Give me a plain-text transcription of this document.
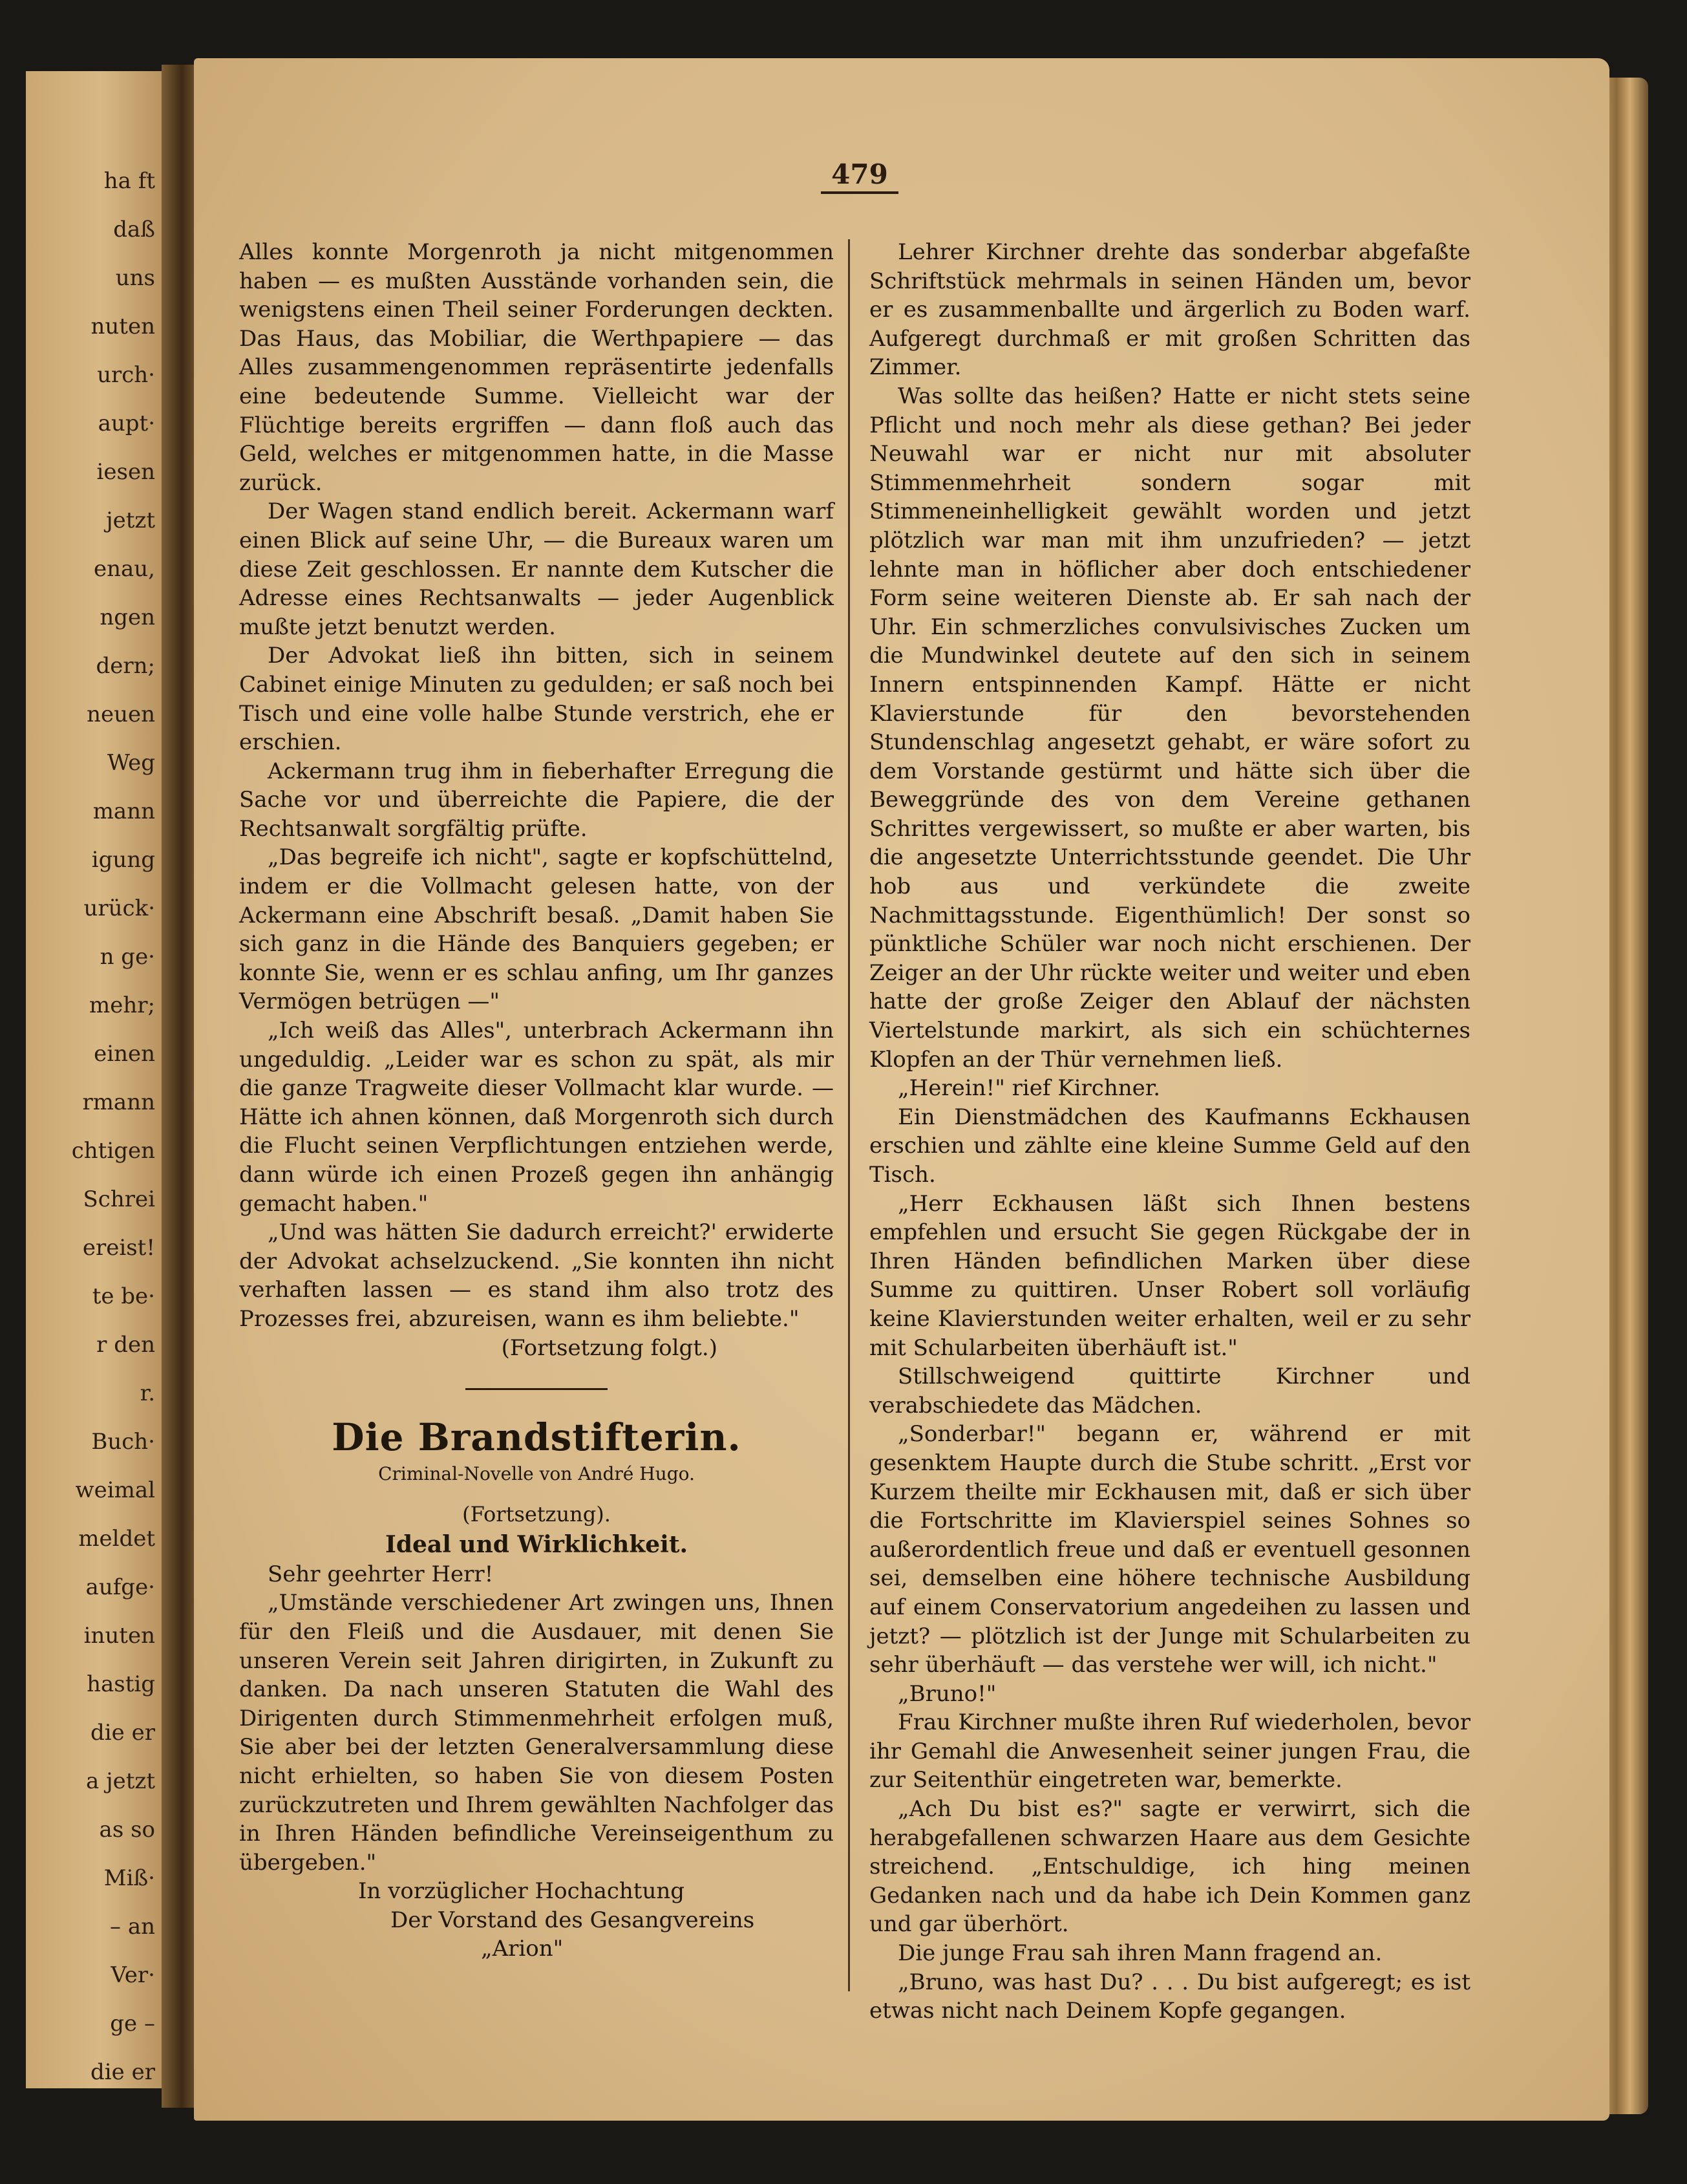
ha ft
daß
uns
nuten
urch·
aupt·
iesen
jetzt
enau,
ngen
dern;
neuen
Weg
mann
igung
urück·
n ge·
mehr;
einen
rmann
chtigen
Schrei
ereist!
te be·
r den
r.
Buch·
weimal
meldet
aufge·
inuten
hastig
die er
a jetzt
as so
Miß·
– an
Ver·
ge –
die er
479

Alles konnte Morgenroth ja nicht mitgenommen haben — es mußten Ausstände vorhanden sein, die wenigstens einen Theil seiner Forderungen deckten. Das Haus, das Mobiliar, die Werthpapiere — das Alles zusammengenommen repräsentirte jedenfalls eine bedeutende Summe. Vielleicht war der Flüchtige bereits ergriffen — dann floß auch das Geld, welches er mitgenommen hatte, in die Masse zurück.

Der Wagen stand endlich bereit. Ackermann warf einen Blick auf seine Uhr, — die Bureaux waren um diese Zeit geschlossen. Er nannte dem Kutscher die Adresse eines Rechtsanwalts — jeder Augenblick mußte jetzt benutzt werden.

Der Advokat ließ ihn bitten, sich in seinem Cabinet einige Minuten zu gedulden; er saß noch bei Tisch und eine volle halbe Stunde verstrich, ehe er erschien.

Ackermann trug ihm in fieberhafter Erregung die Sache vor und überreichte die Papiere, die der Rechtsanwalt sorgfältig prüfte.

„Das begreife ich nicht", sagte er kopfschüttelnd, indem er die Vollmacht gelesen hatte, von der Ackermann eine Abschrift besaß. „Damit haben Sie sich ganz in die Hände des Banquiers gegeben; er konnte Sie, wenn er es schlau anfing, um Ihr ganzes Vermögen betrügen —"

„Ich weiß das Alles", unterbrach Ackermann ihn ungeduldig. „Leider war es schon zu spät, als mir die ganze Tragweite dieser Vollmacht klar wurde. — Hätte ich ahnen können, daß Morgenroth sich durch die Flucht seinen Verpflichtungen entziehen werde, dann würde ich einen Prozeß gegen ihn anhängig gemacht haben."

„Und was hätten Sie dadurch erreicht?' erwiderte der Advokat achselzuckend. „Sie konnten ihn nicht verhaften lassen — es stand ihm also trotz des Prozesses frei, abzureisen, wann es ihm beliebte."

(Fortsetzung folgt.)

Die Brandstifterin.
Criminal-Novelle von André Hugo.
(Fortsetzung).
Ideal und Wirklichkeit.

Sehr geehrter Herr!

„Umstände verschiedener Art zwingen uns, Ihnen für den Fleiß und die Ausdauer, mit denen Sie unseren Verein seit Jahren dirigirten, in Zukunft zu danken. Da nach unseren Statuten die Wahl des Dirigenten durch Stimmenmehrheit erfolgen muß, Sie aber bei der letzten Generalversammlung diese nicht erhielten, so haben Sie von diesem Posten zurückzutreten und Ihrem gewählten Nachfolger das in Ihren Händen befindliche Vereinseigenthum zu übergeben."

In vorzüglicher Hochachtung

Der Vorstand des Gesangvereins

„Arion"

Lehrer Kirchner drehte das sonderbar abgefaßte Schriftstück mehrmals in seinen Händen um, bevor er es zusammenballte und ärgerlich zu Boden warf. Aufgeregt durchmaß er mit großen Schritten das Zimmer.

Was sollte das heißen? Hatte er nicht stets seine Pflicht und noch mehr als diese gethan? Bei jeder Neuwahl war er nicht nur mit absoluter Stimmenmehrheit sondern sogar mit Stimmeneinhelligkeit gewählt worden und jetzt plötzlich war man mit ihm unzufrieden? — jetzt lehnte man in höflicher aber doch entschiedener Form seine weiteren Dienste ab. Er sah nach der Uhr. Ein schmerzliches convulsivisches Zucken um die Mundwinkel deutete auf den sich in seinem Innern entspinnenden Kampf. Hätte er nicht Klavierstunde für den bevorstehenden Stundenschlag angesetzt gehabt, er wäre sofort zu dem Vorstande gestürmt und hätte sich über die Beweggründe des von dem Vereine gethanen Schrittes vergewissert, so mußte er aber warten, bis die angesetzte Unterrichtsstunde geendet. Die Uhr hob aus und verkündete die zweite Nachmittagsstunde. Eigenthümlich! Der sonst so pünktliche Schüler war noch nicht erschienen. Der Zeiger an der Uhr rückte weiter und weiter und eben hatte der große Zeiger den Ablauf der nächsten Viertelstunde markirt, als sich ein schüchternes Klopfen an der Thür vernehmen ließ.

„Herein!" rief Kirchner.

Ein Dienstmädchen des Kaufmanns Eckhausen erschien und zählte eine kleine Summe Geld auf den Tisch.

„Herr Eckhausen läßt sich Ihnen bestens empfehlen und ersucht Sie gegen Rückgabe der in Ihren Händen befindlichen Marken über diese Summe zu quittiren. Unser Robert soll vorläufig keine Klavierstunden weiter erhalten, weil er zu sehr mit Schularbeiten überhäuft ist."

Stillschweigend quittirte Kirchner und verabschiedete das Mädchen.

„Sonderbar!" begann er, während er mit gesenktem Haupte durch die Stube schritt. „Erst vor Kurzem theilte mir Eckhausen mit, daß er sich über die Fortschritte im Klavierspiel seines Sohnes so außerordentlich freue und daß er eventuell gesonnen sei, demselben eine höhere technische Ausbildung auf einem Conservatorium angedeihen zu lassen und jetzt? — plötzlich ist der Junge mit Schularbeiten zu sehr überhäuft — das verstehe wer will, ich nicht."

„Bruno!"

Frau Kirchner mußte ihren Ruf wiederholen, bevor ihr Gemahl die Anwesenheit seiner jungen Frau, die zur Seitenthür eingetreten war, bemerkte.

„Ach Du bist es?" sagte er verwirrt, sich die herabgefallenen schwarzen Haare aus dem Gesichte streichend. „Entschuldige, ich hing meinen Gedanken nach und da habe ich Dein Kommen ganz und gar überhört.

Die junge Frau sah ihren Mann fragend an.

„Bruno, was hast Du? . . . Du bist aufgeregt; es ist etwas nicht nach Deinem Kopfe gegangen.
